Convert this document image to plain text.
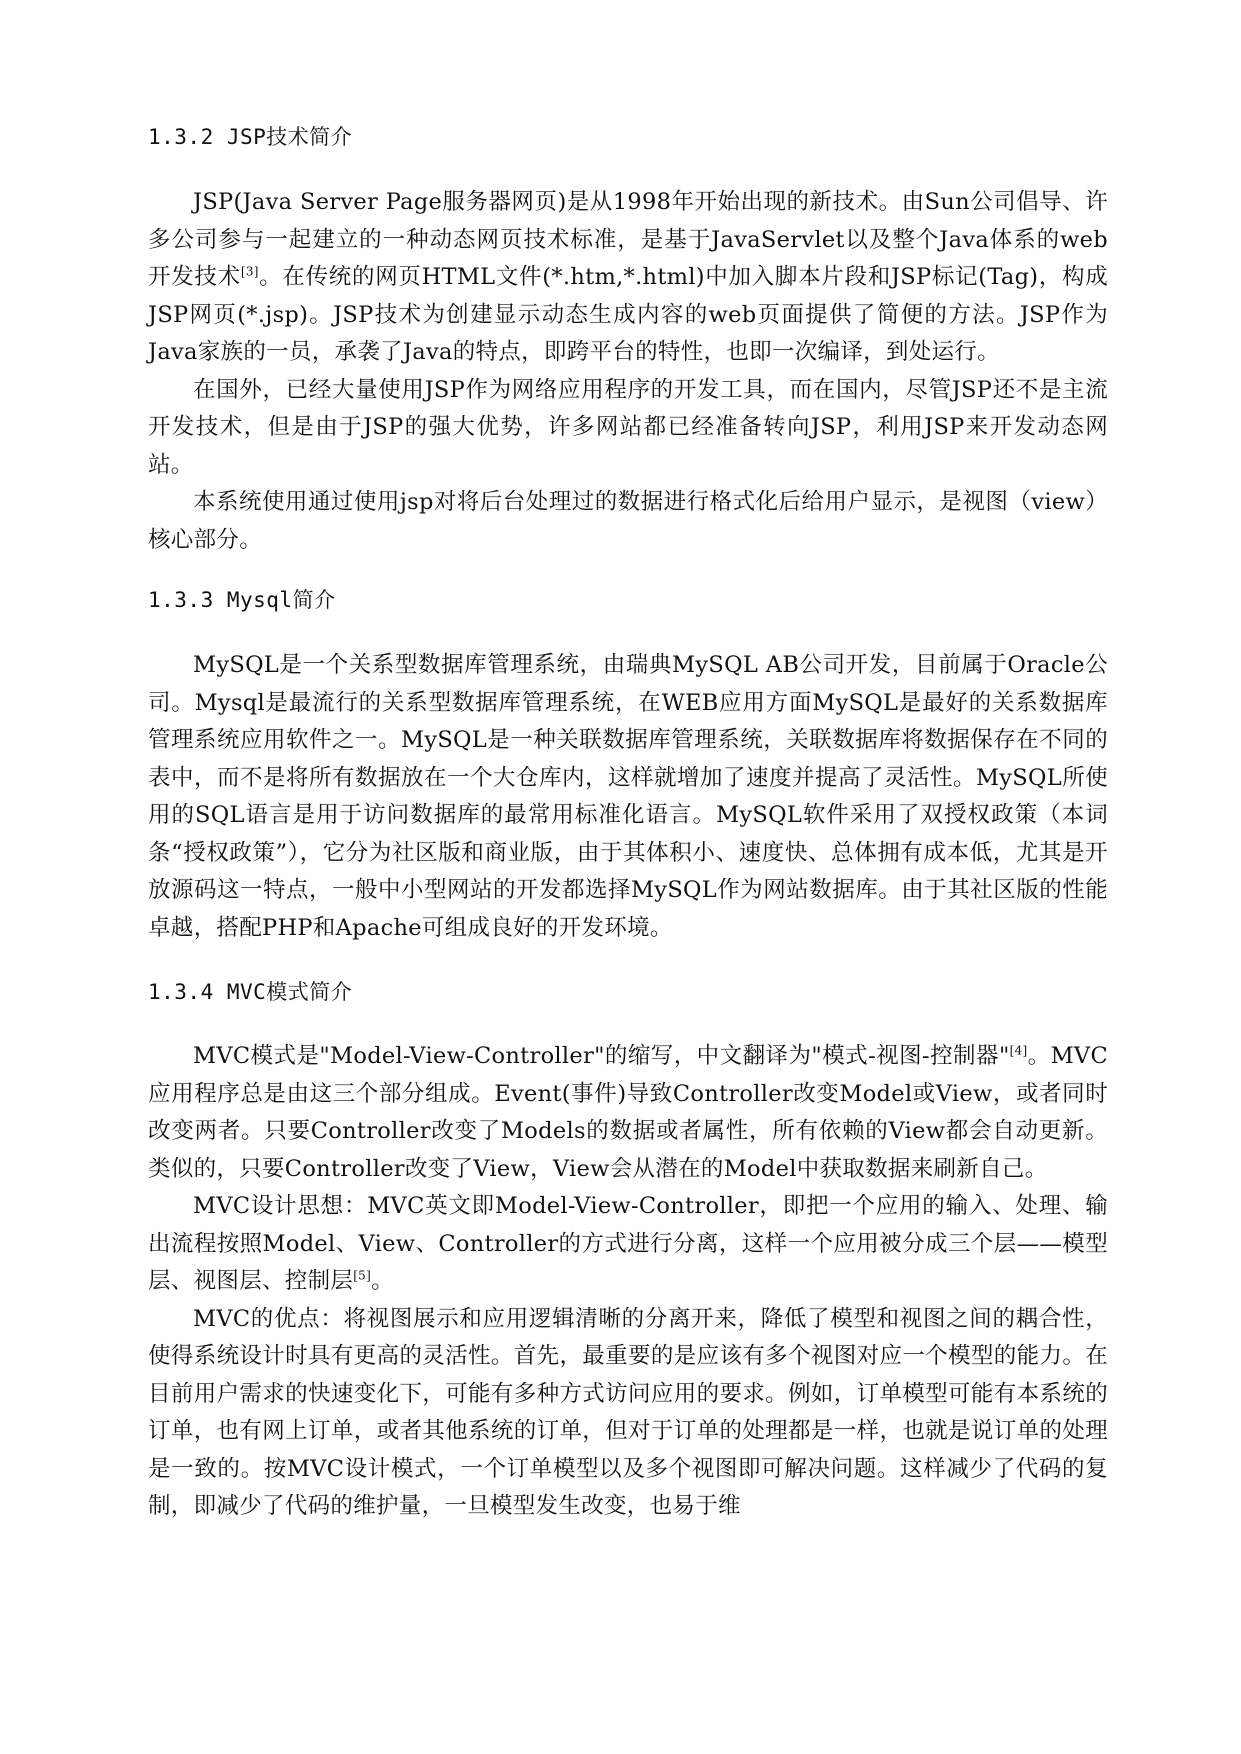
1.3.2 JSP技术简介

JSP(Java Server Page服务器网页)是从1998年开始出现的新技术。由Sun公司倡导、许多公司参与一起建立的一种动态网页技术标准，是基于JavaServlet以及整个Java体系的web开发技术[3]。在传统的网页HTML文件(*.htm,*.html)中加入脚本片段和JSP标记(Tag)，构成JSP网页(*.jsp)。JSP技术为创建显示动态生成内容的web页面提供了简便的方法。JSP作为Java家族的一员，承袭了Java的特点，即跨平台的特性，也即一次编译，到处运行。

在国外，已经大量使用JSP作为网络应用程序的开发工具，而在国内，尽管JSP还不是主流开发技术，但是由于JSP的强大优势，许多网站都已经准备转向JSP，利用JSP来开发动态网站。

本系统使用通过使用jsp对将后台处理过的数据进行格式化后给用户显示，是视图（view）核心部分。

1.3.3 Mysql简介

MySQL是一个关系型数据库管理系统，由瑞典MySQL AB公司开发，目前属于Oracle公司。Mysql是最流行的关系型数据库管理系统，在WEB应用方面MySQL是最好的关系数据库管理系统应用软件之一。MySQL是一种关联数据库管理系统，关联数据库将数据保存在不同的表中，而不是将所有数据放在一个大仓库内，这样就增加了速度并提高了灵活性。MySQL所使用的SQL语言是用于访问数据库的最常用标准化语言。MySQL软件采用了双授权政策（本词条“授权政策”），它分为社区版和商业版，由于其体积小、速度快、总体拥有成本低，尤其是开放源码这一特点，一般中小型网站的开发都选择MySQL作为网站数据库。由于其社区版的性能卓越，搭配PHP和Apache可组成良好的开发环境。

1.3.4 MVC模式简介

MVC模式是"Model-View-Controller"的缩写，中文翻译为"模式-视图-控制器"[4]。MVC应用程序总是由这三个部分组成。Event(事件)导致Controller改变Model或View，或者同时改变两者。只要Controller改变了Models的数据或者属性，所有依赖的View都会自动更新。类似的，只要Controller改变了View，View会从潜在的Model中获取数据来刷新自己。

MVC设计思想：MVC英文即Model-View-Controller，即把一个应用的输入、处理、输出流程按照Model、View、Controller的方式进行分离，这样一个应用被分成三个层——模型层、视图层、控制层[5]。

MVC的优点：将视图展示和应用逻辑清晰的分离开来，降低了模型和视图之间的耦合性，使得系统设计时具有更高的灵活性。首先，最重要的是应该有多个视图对应一个模型的能力。在目前用户需求的快速变化下，可能有多种方式访问应用的要求。例如，订单模型可能有本系统的订单，也有网上订单，或者其他系统的订单，但对于订单的处理都是一样，也就是说订单的处理是一致的。按MVC设计模式，一个订单模型以及多个视图即可解决问题。这样减少了代码的复制，即减少了代码的维护量，一旦模型发生改变，也易于维
